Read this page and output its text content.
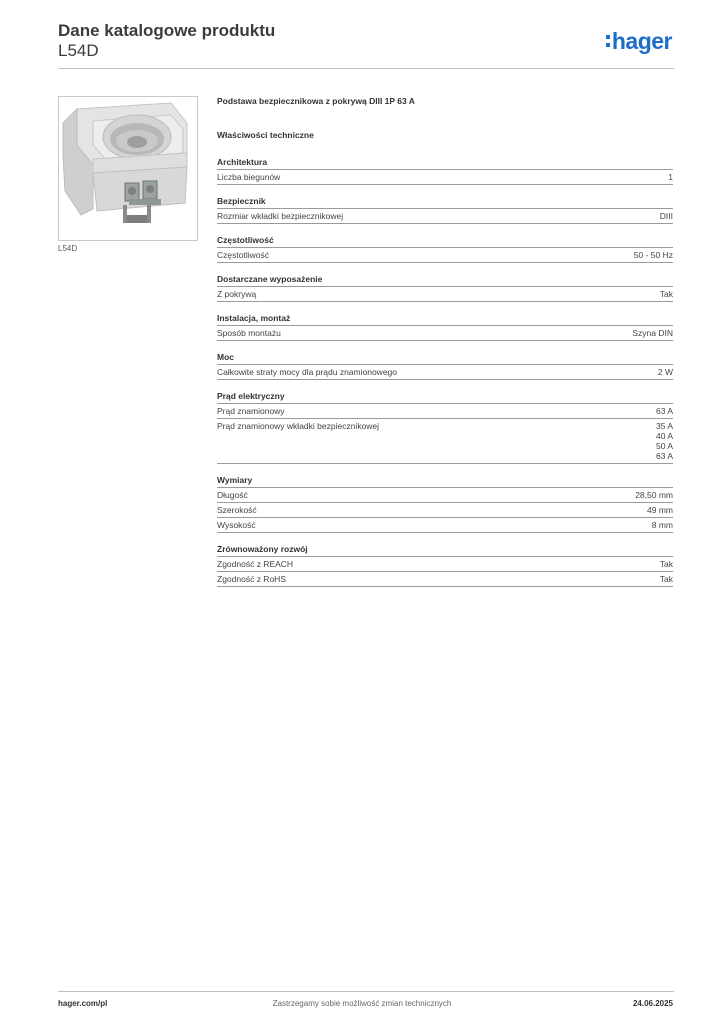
Dane katalogowe produktu
L54D	hager
L54D
Podstawa bezpiecznikowa z pokrywą DIII 1P 63 A
Właściwości techniczne
Architektura
Liczba biegunów	1
Bezpiecznik
Rozmiar wkładki bezpiecznikowej	DIII
Częstotliwość
Częstotliwość	50 - 50 Hz
Dostarczane wyposażenie
Z pokrywą	Tak
Instalacja, montaż
Sposób montażu	Szyna DIN
Moc
Całkowite straty mocy dla prądu znamionowego	2 W
Prąd elektryczny
Prąd znamionowy	63 A
Prąd znamionowy wkładki bezpiecznikowej	35 A
40 A
50 A
63 A
Wymiary
Długość	28,50 mm
Szerokość	49 mm
Wysokość	8 mm
Zrównoważony rozwój
Zgodność z REACH	Tak
Zgodność z RoHS	Tak
hager.com/pl	Zastrzegamy sobie możliwość zmian technicznych	24.06.2025
